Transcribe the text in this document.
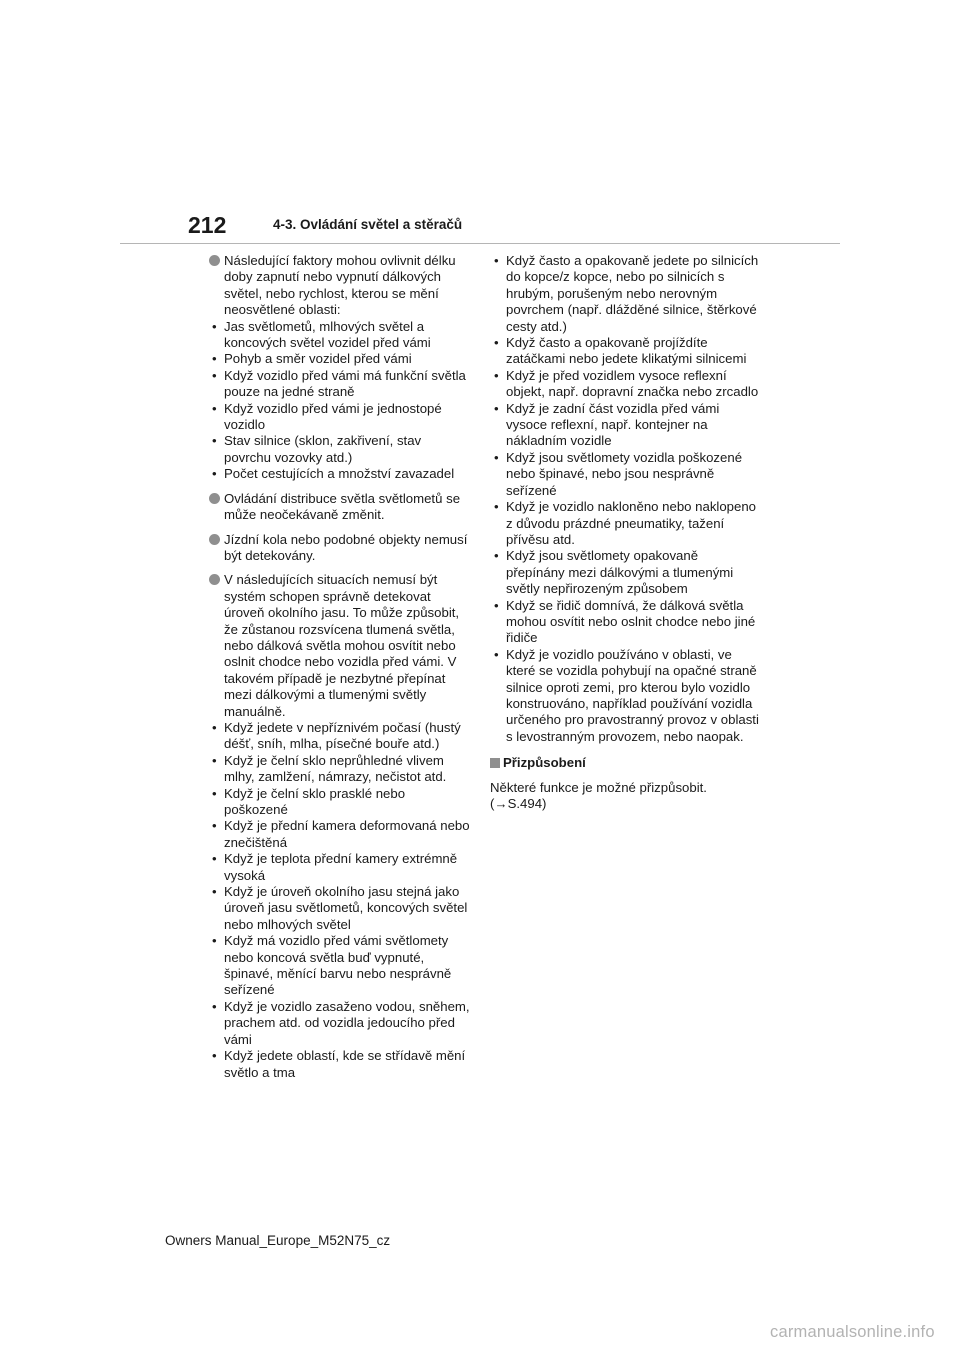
212	4-3. Ovládání světel a stěračů
Následující faktory mohou ovlivnit délku doby zapnutí nebo vypnutí dálkových světel, nebo rychlost, kterou se mění neosvětlené oblasti:
• Jas světlometů, mlhových světel a koncových světel vozidel před vámi
• Pohyb a směr vozidel před vámi
• Když vozidlo před vámi má funkční světla pouze na jedné straně
• Když vozidlo před vámi je jednostopé vozidlo
• Stav silnice (sklon, zakřivení, stav povrchu vozovky atd.)
• Počet cestujících a množství zavazadel
Ovládání distribuce světla světlometů se může neočekávaně změnit.
Jízdní kola nebo podobné objekty nemusí být detekovány.
V následujících situacích nemusí být systém schopen správně detekovat úroveň okolního jasu. To může způsobit, že zůstanou rozsvícena tlumená světla, nebo dálková světla mohou osvítit nebo oslnit chodce nebo vozidla před vámi. V takovém případě je nezbytné přepínat mezi dálkovými a tlumenými světly manuálně.
• Když jedete v nepříznivém počasí (hustý déšť, sníh, mlha, písečné bouře atd.)
• Když je čelní sklo neprůhledné vlivem mlhy, zamlžení, námrazy, nečistot atd.
• Když je čelní sklo prasklé nebo poškozené
• Když je přední kamera deformovaná nebo znečištěná
• Když je teplota přední kamery extrémně vysoká
• Když je úroveň okolního jasu stejná jako úroveň jasu světlometů, koncových světel nebo mlhových světel
• Když má vozidlo před vámi světlomety nebo koncová světla buď vypnuté, špinavé, měnící barvu nebo nesprávně seřízené
• Když je vozidlo zasaženo vodou, sněhem, prachem atd. od vozidla jedoucího před vámi
• Když jedete oblastí, kde se střídavě mění světlo a tma
• Když často a opakovaně jedete po silnicích do kopce/z kopce, nebo po silnicích s hrubým, porušeným nebo nerovným povrchem (např. dlážděné silnice, štěrkové cesty atd.)
• Když často a opakovaně projíždíte zatáčkami nebo jedete klikatými silnicemi
• Když je před vozidlem vysoce reflexní objekt, např. dopravní značka nebo zrcadlo
• Když je zadní část vozidla před vámi vysoce reflexní, např. kontejner na nákladním vozidle
• Když jsou světlomety vozidla poškozené nebo špinavé, nebo jsou nesprávně seřízené
• Když je vozidlo nakloněno nebo naklopeno z důvodu prázdné pneumatiky, tažení přívěsu atd.
• Když jsou světlomety opakovaně přepínány mezi dálkovými a tlumenými světly nepřirozeným způsobem
• Když se řidič domnívá, že dálková světla mohou osvítit nebo oslnit chodce nebo jiné řidiče
• Když je vozidlo používáno v oblasti, ve které se vozidla pohybují na opačné straně silnice oproti zemi, pro kterou bylo vozidlo konstruováno, například používání vozidla určeného pro pravostranný provoz v oblasti s levostranným provozem, nebo naopak.
Přizpůsobení
Některé funkce je možné přizpůsobit.
(→S.494)
Owners Manual_Europe_M52N75_cz
carmanualsonline.info
